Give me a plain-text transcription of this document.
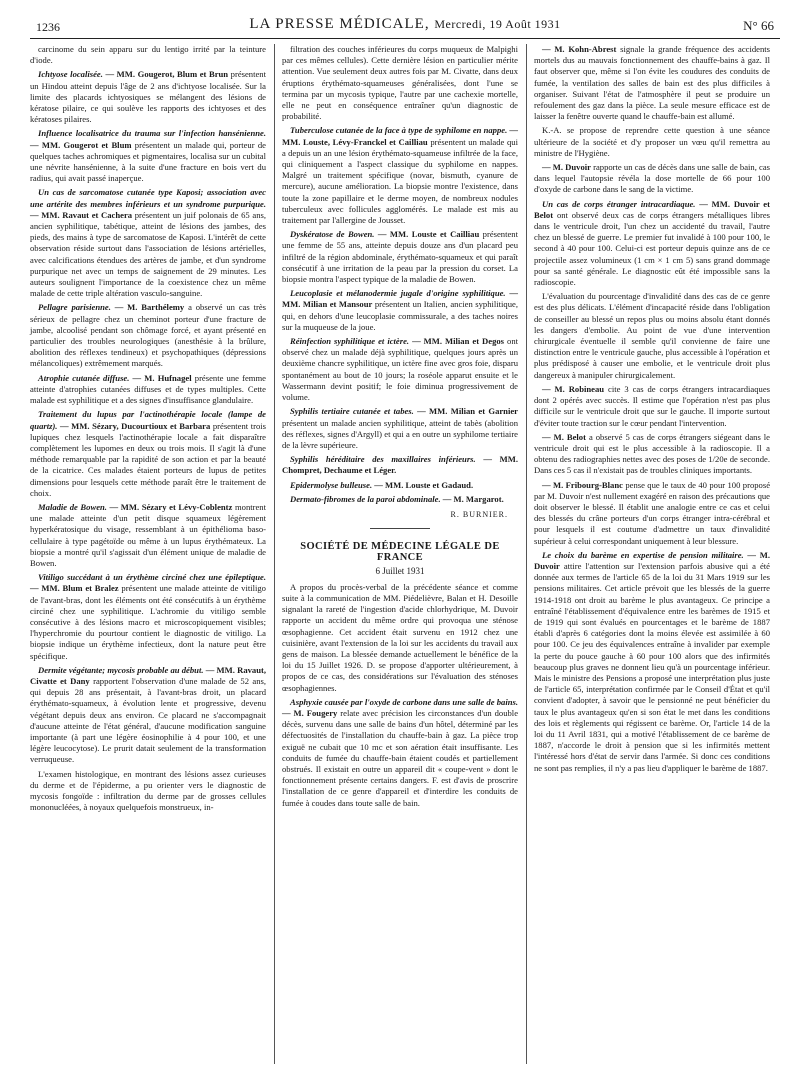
1236	LA PRESSE MÉDICALE, Mercredi, 19 Août 1931	N° 66

carcinome du sein apparu sur du lentigo irrité par la teinture d'iode.

Ichtyose localisée. — MM. Gougerot, Blum et Brun présentent un Hindou atteint depuis l'âge de 2 ans d'ichtyose localisée. Sur la limite des placards ichtyosiques se mélangent des lésions de kératose pilaire, ce qui soulève les rapports des ichtyoses et des kératoses pilaires.

Influence localisatrice du trauma sur l'infection hansénienne. — MM. Gougerot et Blum présentent un malade qui, porteur de quelques taches achromiques et pigmentaires, localisa sur un cubital une névrite hansénienne, à la suite d'une fracture en bois vert du radius, qui avait passé inaperçue.

Un cas de sarcomatose cutanée type Kaposi; association avec une artérite des membres inférieurs et un syndrome purpurique. — MM. Ravaut et Cachera présentent un juif polonais de 65 ans, ancien syphilitique, tabétique, atteint de lésions des jambes, des pieds, des mains à type de sarcomatose de Kaposi. L'intérêt de cette observation réside surtout dans l'association de lésions artérielles, avec calcifications étendues des artères de jambe, et d'un syndrome purpurique net avec un temps de saignement de 29 minutes. Les auteurs soulignent l'importance de la coexistence chez un même malade de cette triple altération vasculo-sanguine.

Pellagre parisienne. — M. Barthélemy a observé un cas très sérieux de pellagre chez un cheminot porteur d'une fracture de jambe, alcoolisé pendant son chômage forcé, et ayant présenté en particulier des troubles neurologiques (anesthésie à la brûlure, abolition des réflexes tendineux) et psychopathiques (dépressions mélancoliques) extrêmement marqués.

Atrophie cutanée diffuse. — M. Hufnagel présente une femme atteinte d'atrophies cutanées diffuses et de types multiples. Cette malade est syphilitique et a des signes d'insuffisance glandulaire.

Traitement du lupus par l'actinothérapie locale (lampe de quartz). — MM. Sézary, Ducourtioux et Barbara présentent trois lupiques chez lesquels l'actinothérapie locale a fait disparaître complètement les lupomes en deux ou trois mois. Il s'agit là d'une méthode remarquable par la rapidité de son action et par la beauté de la cicatrice. Ces malades étaient porteurs de lupus de petites dimensions pour lesquels cette méthode paraît être le traitement de choix.

Maladie de Bowen. — MM. Sézary et Lévy-Coblentz montrent une malade atteinte d'un petit disque squameux légèrement hyperkératosique du visage, ressemblant à un épithélioma baso-cellulaire à type pagétoïde ou même à un lupus érythémateux. La biopsie a montré qu'il s'agissait d'un élément unique de maladie de Bowen.

Vitiligo succédant à un érythème circiné chez une épileptique. — MM. Blum et Bralez présentent une malade atteinte de vitiligo de l'avant-bras, dont les éléments ont été consécutifs à un érythème circiné chez une syphilitique. L'achromie du vitiligo semble consécutive à des lésions macro et microscopiquement visibles; l'hyperchromie du pourtour contient le diagnostic de vitiligo. La biopsie indique un érythème infectieux, dont la nature peut être spécifique.

Dermite végétante; mycosis probable au début. — MM. Ravaut, Civatte et Dany rapportent l'observation d'une malade de 52 ans, qui depuis 28 ans présentait, à l'avant-bras droit, un placard érythémato-squameux, à évolution lente et progressive, devenu végétant depuis deux ans environ. Ce placard ne s'accompagnait d'aucune atteinte de l'état général, d'aucune modification sanguine importante (à part une légère éosinophilie à 4 pour 100, et une légère leucocytose). Le prurit datait seulement de la transformation verruqueuse.

L'examen histologique, en montrant des lésions assez curieuses du derme et de l'épiderme, a pu orienter vers le diagnostic de mycosis fongoïde : infiltration du derme par de grosses cellules mononucléées, à noyaux quelquefois monstrueux, in-

filtration des couches inférieures du corps muqueux de Malpighi par ces mêmes cellules). Cette dernière lésion en particulier mérite attention. Vue seulement deux autres fois par M. Civatte, dans deux éruptions érythémato-squameuses généralisées, dont l'une se termina par un mycosis typique, l'autre par une cachexie mortelle, elle ne peut en conséquence entraîner qu'un diagnostic de probabilité.

Tuberculose cutanée de la face à type de syphilome en nappe. — MM. Louste, Lévy-Franckel et Cailliau présentent un malade qui a depuis un an une lésion érythémato-squameuse infiltrée de la face, qui cliniquement a l'aspect classique du syphilome en nappes. Malgré un traitement spécifique (novar, bismuth, cyanure de mercure), aucune amélioration. La biopsie montre l'existence, dans toute la zone papillaire et le derme moyen, de nombreux nodules tuberculeux avec follicules agglomérés. Le malade est mis au traitement par l'allergine de Jousset.

Dyskératose de Bowen. — MM. Louste et Cailliau présentent une femme de 55 ans, atteinte depuis douze ans d'un placard peu infiltré de la région abdominale, érythémato-squameux et qui paraît consécutif à une irritation de la peau par la pression du corset. La biopsie montra l'aspect typique de la maladie de Bowen.

Leucoplasie et mélanodermie jugale d'origine syphilitique. — MM. Milian et Mansour présentent un Italien, ancien syphilitique, qui, en dehors d'une leucoplasie commissurale, a des taches noires sur la muqueuse de la joue.

Réinfection syphilitique et ictère. — MM. Milian et Degos ont observé chez un malade déjà syphilitique, quelques jours après un deuxième chancre syphilitique, un ictère fine avec gros foie, disparu spontanément au bout de 10 jours; la roséole apparut ensuite et le Wassermann devint positif; le foie diminua progressivement de volume.

Syphilis tertiaire cutanée et tabes. — MM. Milian et Garnier présentent un malade ancien syphilitique, atteint de tabès (abolition des réflexes, signes d'Argyll) et qui a en outre un syphilome tertiaire de la lèvre supérieure.

Syphilis héréditaire des maxillaires inférieurs. — MM. Chompret, Dechaume et Léger.

Epidermolyse bulleuse. — MM. Louste et Gadaud.

Dermato-fibromes de la paroi abdominale. — M. Margarot.

R. BURNIER.
SOCIÉTÉ DE MÉDECINE LÉGALE DE FRANCE
6 Juillet 1931

A propos du procès-verbal de la précédente séance et comme suite à la communication de MM. Piédelièvre, Balan et H. Desoille signalant la rareté de l'ingestion d'acide chlorhydrique, M. Duvoir rapporte un accident du même ordre qui provoqua une sténose œsophagienne. Cet accident était survenu en 1912 chez une cuisinière, avant l'extension de la loi sur les accidents du travail aux gens de maison. La blessée demande actuellement le bénéfice de la loi du 15 Juillet 1926. D. se propose d'apporter ultérieurement, à propos de ce cas, des considérations sur l'évaluation des sténoses œsophagiennes.

Asphyxie causée par l'oxyde de carbone dans une salle de bains. — M. Fougery relate avec précision les circonstances d'un double décès, survenu dans une salle de bains d'un hôtel, déterminé par les défectuosités de l'installation du chauffe-bain à gaz. La pièce trop exiguë ne cubait que 10 mc et son aération était insuffisante. Les conduits de fumée du chauffe-bain étaient coudés et partiellement obstrués. Il existait en outre un appareil dit « coupe-vent » dont le fonctionnement présente certains dangers. F. est d'avis de proscrire l'installation de ce genre d'appareil et d'interdire les conduits de fumée à coudes dans toute salle de bain.

— M. Kohn-Abrest signale la grande fréquence des accidents mortels dus au mauvais fonctionnement des chauffe-bains à gaz. Il faut observer que, même si l'on évite les coudures des conduits de fumée, la ventilation des salles de bain est des plus difficiles à organiser. Suivant l'état de l'atmosphère il peut se produire un refoulement des gaz dans la pièce. La seule mesure efficace est de laisser la fenêtre ouverte quand le chauffe-bain est allumé.

K.-A. se propose de reprendre cette question à une séance ultérieure de la société et d'y proposer un vœu qu'il remettra au ministre de l'Hygiène.

— M. Duvoir rapporte un cas de décès dans une salle de bain, cas dans lequel l'autopsie révéla la dose mortelle de 66 pour 100 d'oxyde de carbone dans le sang de la victime.

Un cas de corps étranger intracardiaque. — MM. Duvoir et Belot ont observé deux cas de corps étrangers métalliques libres dans le ventricule droit, l'un chez un accidenté du travail, l'autre chez un blessé de guerre. Le premier fut invalidé à 100 pour 100, le second à 40 pour 100. Celui-ci est porteur depuis quinze ans de ce projectile assez volumineux (1 cm × 1 cm 5) sans grand dommage pour sa santé générale. Le diagnostic eût été impossible sans la radioscopie.

L'évaluation du pourcentage d'invalidité dans des cas de ce genre est des plus délicats. L'élément d'incapacité réside dans l'obligation de conseiller au blessé un repos plus ou moins absolu étant donnés les dangers d'embolie. Au point de vue d'une intervention chirurgicale éventuelle il semble qu'il convienne de faire une distinction entre le ventricule gauche, plus accessible à l'opération et plus prédisposé à causer une embolie, et le ventricule droit plus dangereux à manipuler chirurgicalement.

— M. Robineau cite 3 cas de corps étrangers intracardiaques dont 2 opérés avec succès. Il estime que l'opération n'est pas plus difficile sur le ventricule droit que sur le gauche. Il importe surtout d'éviter toute traction sur le cœur pendant l'intervention.

— M. Belot a observé 5 cas de corps étrangers siégeant dans le ventricule droit qui est le plus accessible à la radioscopie. Il a obtenu des radiographies nettes avec des poses de 1/20e de seconde. Dans ces 5 cas il n'existait pas de troubles cliniques importants.

— M. Fribourg-Blanc pense que le taux de 40 pour 100 proposé par M. Duvoir n'est nullement exagéré en raison des précautions que doit observer le blessé. Il établit une analogie entre ce cas et celui des blessés du crâne porteurs d'un corps étranger intra-cérébral et pour lesquels il est coutume d'admettre un taux d'invalidité supérieur à celui correspondant uniquement à leur blessure.

Le choix du barème en expertise de pension militaire. — M. Duvoir attire l'attention sur l'extension parfois abusive qui a été donnée aux termes de l'article 65 de la loi du 31 Mars 1919 sur les pensions militaires. Cet article prévoit que les blessés de la guerre 1914-1918 ont droit au barème le plus avantageux. Ce principe a entraîné l'établissement d'équivalence entre les barèmes de 1915 et de 1919 qui sont évalués en pourcentages et le barème de 1887 établi d'après 6 catégories dont la moins élevée est assimilée à 60 pour 100. Ce jeu des équivalences entraîne à invalider par exemple la perte du pouce gauche à 60 pour 100 alors que des infirmités beaucoup plus graves ne donnent lieu qu'à un pourcentage inférieur. Mais le ministre des Pensions a proposé une interprétation plus juste de l'article 65, interprétation confirmée par le Conseil d'État et qu'il convient d'adopter, à savoir que le pensionné ne peut bénéficier du taux le plus avantageux qu'en si son état le met dans les conditions des lois et règlements qui régissent ce barème. Or, l'article 14 de la loi du 11 Avril 1831, qui a motivé l'établissement de ce barème de 1887, n'accorde le droit à pension que si les infirmités mettent l'intéressé hors d'état de servir dans l'armée. Si donc ces conditions ne sont pas remplies, il n'y a pas lieu d'appliquer le barème de 1887.
